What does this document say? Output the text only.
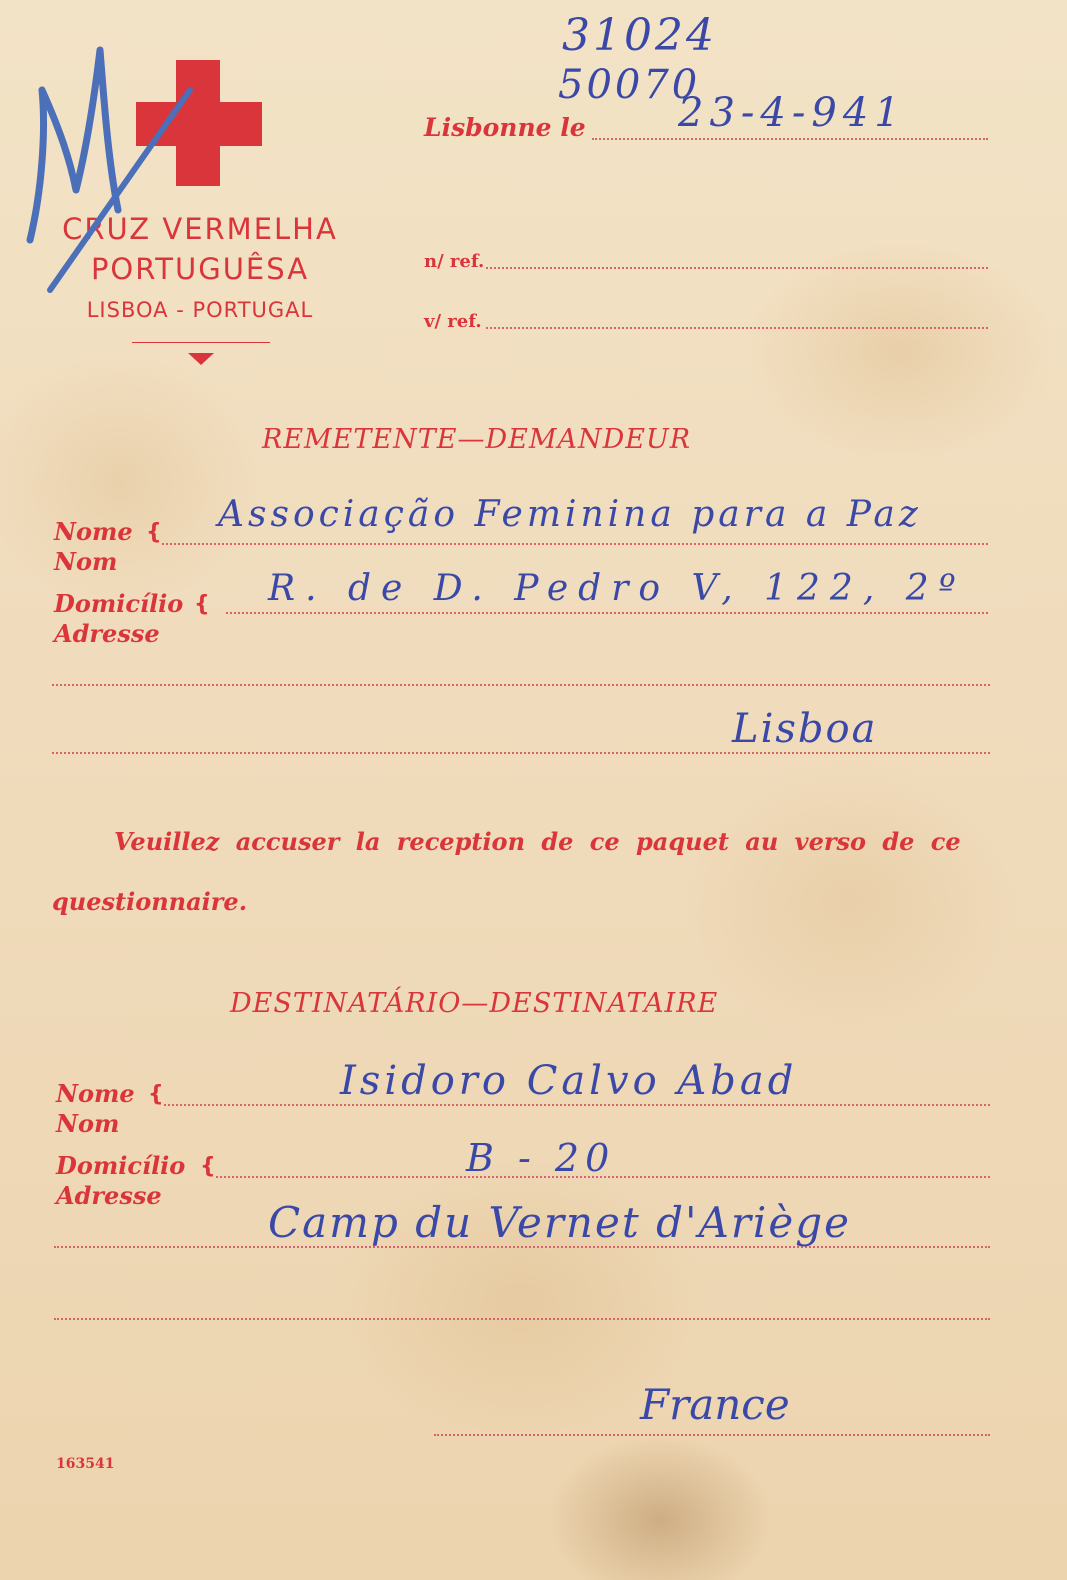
CRUZ VERMELHA
PORTUGUÊSA
LISBOA - PORTUGAL
31024
50070
Lisbonne le 23-4-941
n/ ref.
v/ ref.
REMETENTE—DEMANDEUR
Nome
Nom
{ Associação Feminina para a Paz
Domicílio
Adresse
{ R. de D. Pedro V, 122, 2º
Lisboa
Veuillez accuser la reception de ce paquet au verso de ce
questionnaire.
DESTINATÁRIO—DESTINATAIRE
Nome
Nom
{	Isidoro Calvo Abad
Domicílio
Adresse
{	B - 20
Camp du Vernet d'Ariège
France
163541
